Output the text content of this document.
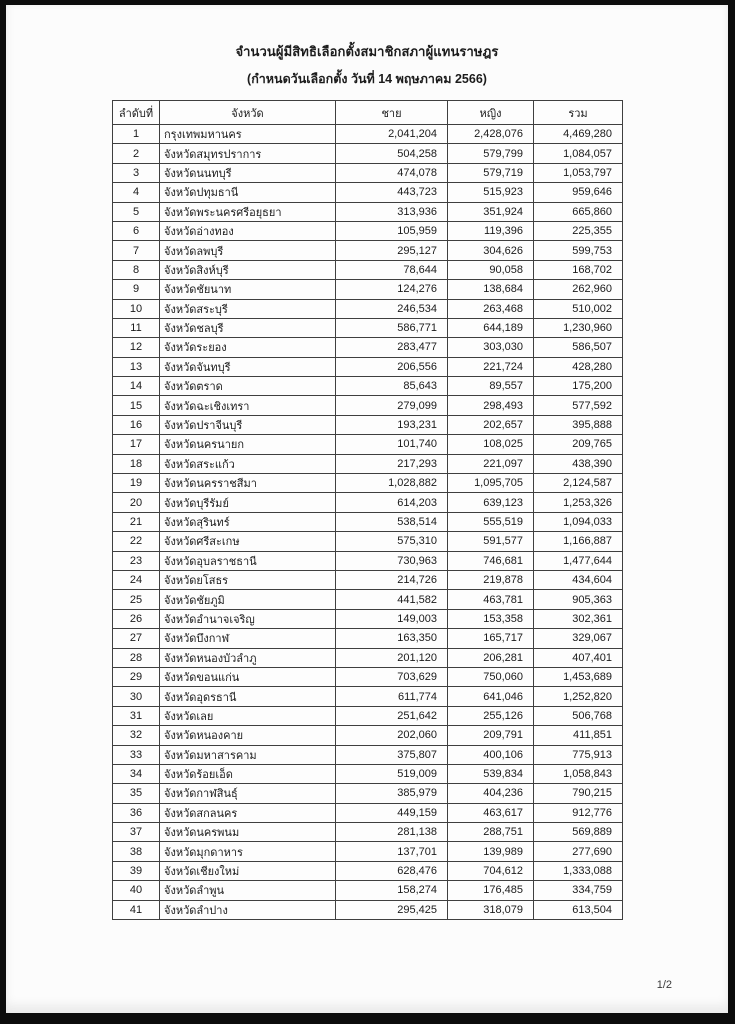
จำนวนผู้มีสิทธิเลือกตั้งสมาชิกสภาผู้แทนราษฎร
(กำหนดวันเลือกตั้ง วันที่ 14 พฤษภาคม 2566)
ลำดับที่	จังหวัด	ชาย	หญิง	รวม
1	กรุงเทพมหานคร	2,041,204	2,428,076	4,469,280
2	จังหวัดสมุทรปราการ	504,258	579,799	1,084,057
3	จังหวัดนนทบุรี	474,078	579,719	1,053,797
4	จังหวัดปทุมธานี	443,723	515,923	959,646
5	จังหวัดพระนครศรีอยุธยา	313,936	351,924	665,860
6	จังหวัดอ่างทอง	105,959	119,396	225,355
7	จังหวัดลพบุรี	295,127	304,626	599,753
8	จังหวัดสิงห์บุรี	78,644	90,058	168,702
9	จังหวัดชัยนาท	124,276	138,684	262,960
10	จังหวัดสระบุรี	246,534	263,468	510,002
11	จังหวัดชลบุรี	586,771	644,189	1,230,960
12	จังหวัดระยอง	283,477	303,030	586,507
13	จังหวัดจันทบุรี	206,556	221,724	428,280
14	จังหวัดตราด	85,643	89,557	175,200
15	จังหวัดฉะเชิงเทรา	279,099	298,493	577,592
16	จังหวัดปราจีนบุรี	193,231	202,657	395,888
17	จังหวัดนครนายก	101,740	108,025	209,765
18	จังหวัดสระแก้ว	217,293	221,097	438,390
19	จังหวัดนครราชสีมา	1,028,882	1,095,705	2,124,587
20	จังหวัดบุรีรัมย์	614,203	639,123	1,253,326
21	จังหวัดสุรินทร์	538,514	555,519	1,094,033
22	จังหวัดศรีสะเกษ	575,310	591,577	1,166,887
23	จังหวัดอุบลราชธานี	730,963	746,681	1,477,644
24	จังหวัดยโสธร	214,726	219,878	434,604
25	จังหวัดชัยภูมิ	441,582	463,781	905,363
26	จังหวัดอำนาจเจริญ	149,003	153,358	302,361
27	จังหวัดบึงกาฬ	163,350	165,717	329,067
28	จังหวัดหนองบัวลำภู	201,120	206,281	407,401
29	จังหวัดขอนแก่น	703,629	750,060	1,453,689
30	จังหวัดอุดรธานี	611,774	641,046	1,252,820
31	จังหวัดเลย	251,642	255,126	506,768
32	จังหวัดหนองคาย	202,060	209,791	411,851
33	จังหวัดมหาสารคาม	375,807	400,106	775,913
34	จังหวัดร้อยเอ็ด	519,009	539,834	1,058,843
35	จังหวัดกาฬสินธุ์	385,979	404,236	790,215
36	จังหวัดสกลนคร	449,159	463,617	912,776
37	จังหวัดนครพนม	281,138	288,751	569,889
38	จังหวัดมุกดาหาร	137,701	139,989	277,690
39	จังหวัดเชียงใหม่	628,476	704,612	1,333,088
40	จังหวัดลำพูน	158,274	176,485	334,759
41	จังหวัดลำปาง	295,425	318,079	613,504
1/2
